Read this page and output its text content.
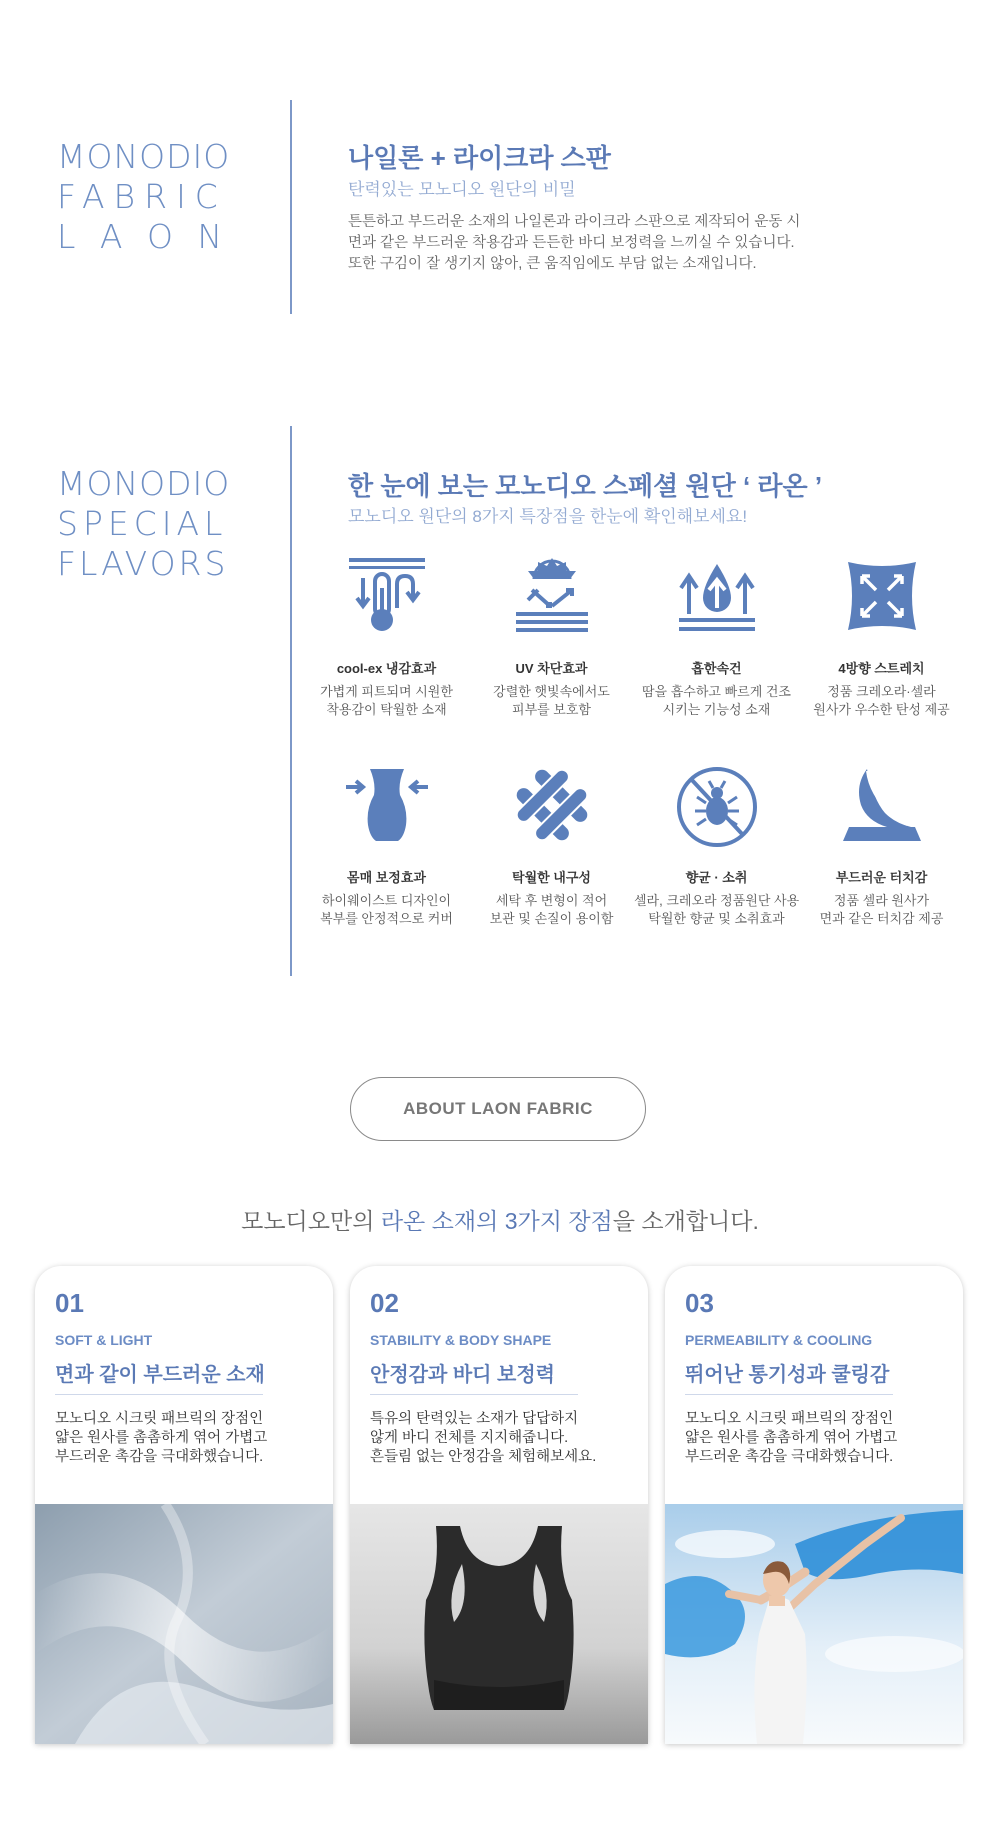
MONODIO
FABRIC
L A O N
나일론 + 라이크라 스판
탄력있는 모노디오 원단의 비밀
튼튼하고 부드러운 소재의 나일론과 라이크라 스판으로 제작되어 운동 시
면과 같은 부드러운 착용감과 든든한 바디 보정력을 느끼실 수 있습니다.
또한 구김이 잘 생기지 않아, 큰 움직임에도 부담 없는 소재입니다.
MONODIO
SPECIAL
FLAVORS
한 눈에 보는 모노디오 스페셜 원단 ‘ 라온 ’
모노디오 원단의 8가지 특장점을 한눈에 확인해보세요!
cool-ex 냉감효과
가볍게 피트되며 시원한
착용감이 탁월한 소재
UV 차단효과
강렬한 햇빛속에서도
피부를 보호함
흡한속건
땀을 흡수하고 빠르게 건조
시키는 기능성 소재
4방향 스트레치
정품 크레오라·셀라
원사가 우수한 탄성 제공
몸매 보정효과
하이웨이스트 디자인이
복부를 안정적으로 커버
탁월한 내구성
세탁 후 변형이 적어
보관 및 손질이 용이함
향균 · 소취
셀라, 크레오라 정품원단 사용
탁월한 향균 및 소취효과
부드러운 터치감
정품 셀라 원사가
면과 같은 터치감 제공
ABOUT LAON FABRIC
모노디오만의 라온 소재의 3가지 장점을 소개합니다.
01
SOFT & LIGHT
면과 같이 부드러운 소재
모노디오 시크릿 패브릭의 장점인
얇은 원사를 촘촘하게 엮어 가볍고
부드러운 촉감을 극대화했습니다.
02
STABILITY & BODY SHAPE
안정감과 바디 보정력
특유의 탄력있는 소재가 답답하지
않게 바디 전체를 지지해줍니다.
흔들림 없는 안정감을 체험해보세요.
03
PERMEABILITY & COOLING
뛰어난 통기성과 쿨링감
모노디오 시크릿 패브릭의 장점인
얇은 원사를 촘촘하게 엮어 가볍고
부드러운 촉감을 극대화했습니다.
